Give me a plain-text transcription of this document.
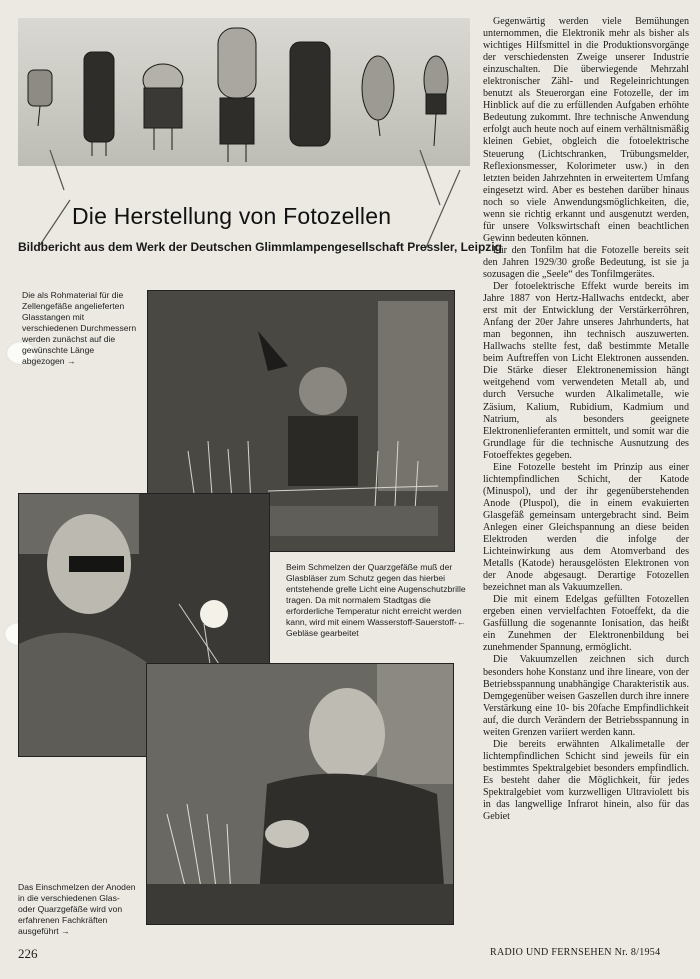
Die Herstellung von Fotozellen
Bildbericht aus dem Werk der Deutschen Glimmlampengesellschaft Pressler, Leipzig
Die als Rohmaterial für die Zellengefäße angelieferten Glasstangen mit verschiedenen Durchmessern werden zunächst auf die gewünschte Länge abgezogen →
Beim Schmelzen der Quarzgefäße muß der Glasbläser zum Schutz gegen das hierbei entstehende grelle Licht eine Augenschutzbrille tragen. Da mit normalem Stadtgas die erforderliche Temperatur nicht erreicht werden kann, wird mit einem Wasserstoff-Sauerstoff-← Gebläse gearbeitet
Das Einschmelzen der Anoden in die verschiedenen Glas- oder Quarzgefäße wird von erfahrenen Fachkräften ausgeführt →

Gegenwärtig werden viele Bemühungen unternommen, die Elektronik mehr als bisher als wichtiges Hilfsmittel in die Produktionsvorgänge der verschiedensten Zweige unserer Industrie einzuschalten. Die überwiegende Mehrzahl elektronischer Zähl- und Regeleinrichtungen benutzt als Steuerorgan eine Fotozelle, der im Hinblick auf die zu erfüllenden Aufgaben erhöhte Bedeutung zukommt. Ihre technische Anwendung erfolgt auch heute noch auf einem verhältnismäßig kleinen Gebiet, obgleich die fotoelektrische Steuerung (Lichtschranken, Trübungsmelder, Reflexionsmesser, Kolorimeter usw.) in den letzten beiden Jahrzehnten in erweitertem Umfang eingesetzt wird. Aber es bestehen darüber hinaus noch so viele Anwendungsmöglichkeiten, die, wenn sie richtig erkannt und ausgenutzt werden, für unsere Volkswirtschaft einen beachtlichen Gewinn bedeuten können.

Für den Tonfilm hat die Fotozelle bereits seit den Jahren 1929/30 große Bedeutung, ist sie ja sozusagen die „Seele“ des Tonfilmgerätes.

Der fotoelektrische Effekt wurde bereits im Jahre 1887 von Hertz-Hallwachs entdeckt, aber erst mit der Entwicklung der Verstärkerröhren, Anfang der 20er Jahre unseres Jahrhunderts, hat man begonnen, ihn technisch auszuwerten. Hallwachs stellte fest, daß bestimmte Metalle beim Auftreffen von Licht Elektronen aussenden. Die Stärke dieser Elektronenemission hängt weitgehend vom verwendeten Metall ab, und durch Versuche wurden Alkalimetalle, wie Zäsium, Kalium, Rubidium, Kadmium und Natrium, als besonders geeignete Elektronenlieferanten ermittelt, und somit war die Grundlage für die technische Ausnutzung des Fotoeffektes gegeben.

Eine Fotozelle besteht im Prinzip aus einer lichtempfindlichen Schicht, der Katode (Minuspol), und der ihr gegenüberstehenden Anode (Pluspol), die in einem evakuierten Glasgefäß gemeinsam untergebracht sind. Beim Anlegen einer Gleichspannung an diese beiden Elektroden werden die infolge der Lichteinwirkung aus dem Atomverband des Metalls (Katode) herausgelösten Elektronen von der Anode abgesaugt. Derartige Fotozellen bezeichnet man als Vakuumzellen.

Die mit einem Edelgas gefüllten Fotozellen ergeben einen vervielfachten Fotoeffekt, da die Gasfüllung die sogenannte Ionisation, das heißt ein Zunehmen der Elektronenbildung bei zunehmender Spannung, ermöglicht.

Die Vakuumzellen zeichnen sich durch besonders hohe Konstanz und ihre lineare, von der Betriebsspannung unabhängige Charakteristik aus. Demgegenüber weisen Gaszellen durch ihre innere Verstärkung eine 10- bis 20fache Empfindlichkeit auf, die durch Verändern der Betriebsspannung in weiten Grenzen variiert werden kann.

Die bereits erwähnten Alkalimetalle der lichtempfindlichen Schicht sind jeweils für ein bestimmtes Spektralgebiet besonders empfindlich. Es besteht daher die Möglichkeit, für jedes Spektralgebiet vom kurzwelligen Ultraviolett bis in das langwellige Infrarot hinein, also für das Gebiet

226	RADIO UND FERNSEHEN Nr. 8/1954
